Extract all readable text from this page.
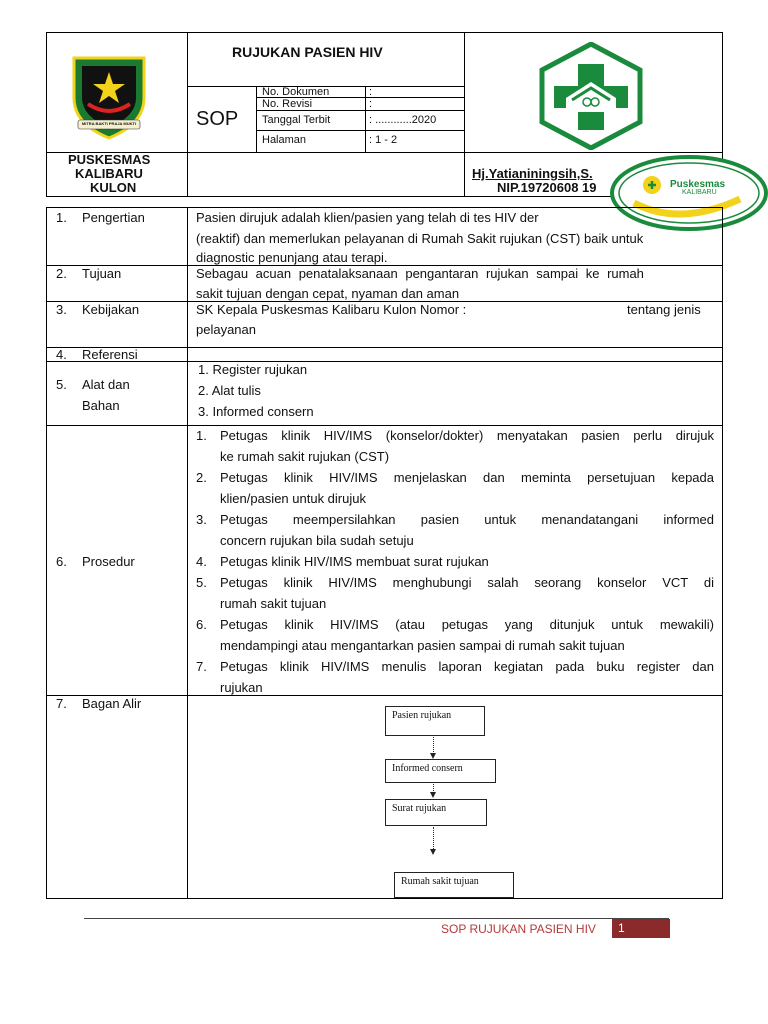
MITRA BAKTI PRAJA MUKTI
RUJUKAN PASIEN HIV
SOP
No. Dokumen	:
No. Revisi	:
Tanggal Terbit	: ............2020
Halaman	: 1 - 2
PUSKESMAS
KALIBARU
KULON
Hj.Yatianiningsih,S.
NIP.19720608 19	Puskesmas
KALIBARU
1. Pengertian	Pasien dirujuk adalah klien/pasien yang telah di tes HIV der
(reaktif) dan memerlukan pelayanan di Rumah Sakit rujukan (CST) baik untuk
diagnostic penunjang atau terapi.
2. Tujuan	Sebagau acuan penatalaksanaan pengantaran rujukan sampai ke rumah
sakit tujuan dengan cepat, nyaman dan aman
3. Kebijakan	SK Kepala Puskesmas Kalibaru Kulon Nomor :	tentang jenis
pelayanan
4. Referensi
5. Alat dan
Bahan
1. Register rujukan
2. Alat tulis
3. Informed consern
6. Prosedur
1. Petugas klinik HIV/IMS (konselor/dokter) menyatakan pasien perlu dirujuk
ke rumah sakit rujukan (CST)
2. Petugas klinik HIV/IMS menjelaskan dan meminta persetujuan kepada
klien/pasien untuk dirujuk
3. Petugas meempersilahkan pasien untuk menandatangani informed
concern rujukan bila sudah setuju
4. Petugas klinik HIV/IMS membuat surat rujukan
5. Petugas klinik HIV/IMS menghubungi salah seorang konselor VCT di
rumah sakit tujuan
6. Petugas klinik HIV/IMS (atau petugas yang ditunjuk untuk mewakili)
mendampingi atau mengantarkan pasien sampai di rumah sakit tujuan
7. Petugas klinik HIV/IMS menulis laporan kegiatan pada buku register dan
rujukan
7. Bagan Alir
Pasien rujukan
Informed consern
Surat rujukan
Rumah sakit tujuan
SOP RUJUKAN PASIEN HIV 1
